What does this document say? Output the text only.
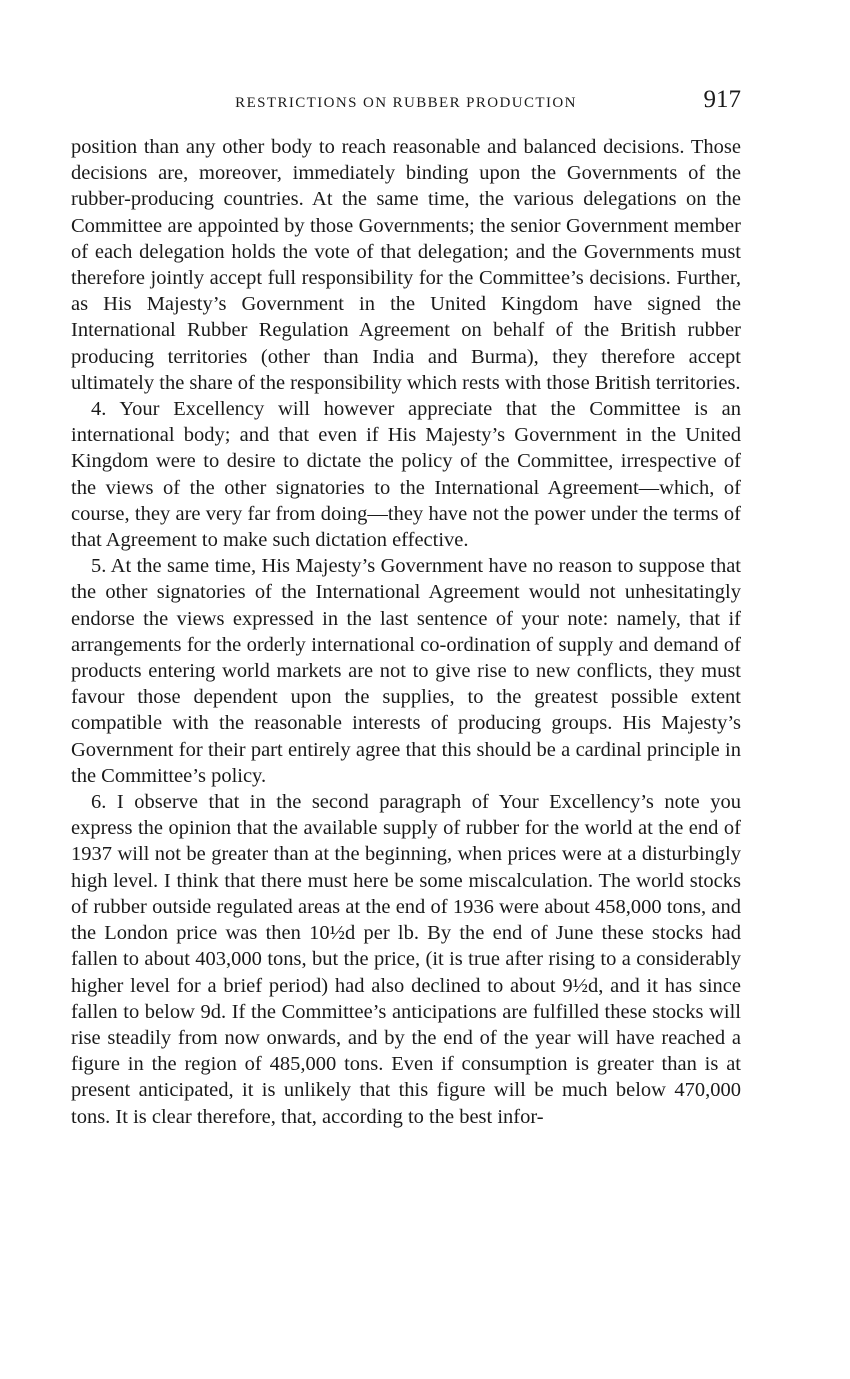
RESTRICTIONS ON RUBBER PRODUCTION	917

position than any other body to reach reasonable and balanced decisions. Those decisions are, moreover, immediately binding upon the Governments of the rubber-producing countries. At the same time, the various delegations on the Committee are appointed by those Governments; the senior Government member of each delegation holds the vote of that delegation; and the Governments must therefore jointly accept full responsibility for the Committee’s decisions. Further, as His Majesty’s Government in the United Kingdom have signed the International Rubber Regulation Agreement on behalf of the British rubber producing territories (other than India and Burma), they therefore accept ultimately the share of the responsibility which rests with those British territories.

4. Your Excellency will however appreciate that the Committee is an international body; and that even if His Majesty’s Government in the United Kingdom were to desire to dictate the policy of the Committee, irrespective of the views of the other signatories to the International Agreement—which, of course, they are very far from doing—they have not the power under the terms of that Agreement to make such dictation effective.

5. At the same time, His Majesty’s Government have no reason to suppose that the other signatories of the International Agreement would not unhesitatingly endorse the views expressed in the last sentence of your note: namely, that if arrangements for the orderly international co-ordination of supply and demand of products entering world markets are not to give rise to new conflicts, they must favour those dependent upon the supplies, to the greatest possible extent compatible with the reasonable interests of producing groups. His Majesty’s Government for their part entirely agree that this should be a cardinal principle in the Committee’s policy.

6. I observe that in the second paragraph of Your Excellency’s note you express the opinion that the available supply of rubber for the world at the end of 1937 will not be greater than at the beginning, when prices were at a disturbingly high level. I think that there must here be some miscalculation. The world stocks of rubber outside regulated areas at the end of 1936 were about 458,000 tons, and the London price was then 10½d per lb. By the end of June these stocks had fallen to about 403,000 tons, but the price, (it is true after rising to a considerably higher level for a brief period) had also declined to about 9½d, and it has since fallen to below 9d. If the Committee’s anticipations are fulfilled these stocks will rise steadily from now onwards, and by the end of the year will have reached a figure in the region of 485,000 tons. Even if consumption is greater than is at present anticipated, it is unlikely that this figure will be much below 470,000 tons. It is clear therefore, that, according to the best infor-
